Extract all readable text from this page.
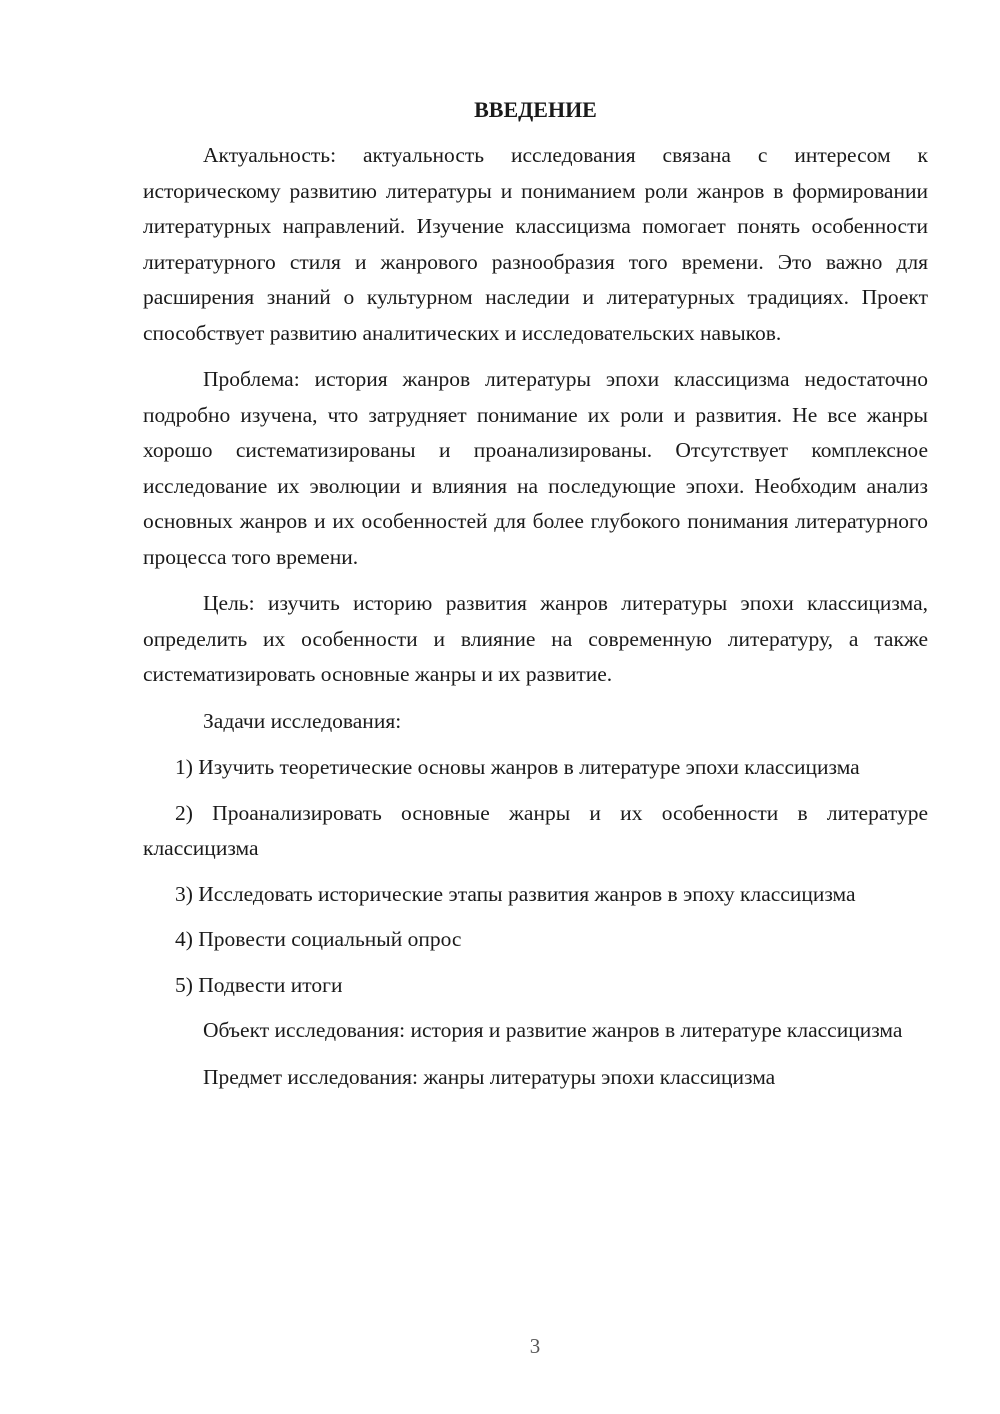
ВВЕДЕНИЕ

Актуальность: актуальность исследования связана с интересом к историческому развитию литературы и пониманием роли жанров в формировании литературных направлений. Изучение классицизма помогает понять особенности литературного стиля и жанрового разнообразия того времени. Это важно для расширения знаний о культурном наследии и литературных традициях. Проект способствует развитию аналитических и исследовательских навыков.

Проблема: история жанров литературы эпохи классицизма недостаточно подробно изучена, что затрудняет понимание их роли и развития. Не все жанры хорошо систематизированы и проанализированы. Отсутствует комплексное исследование их эволюции и влияния на последующие эпохи. Необходим анализ основных жанров и их особенностей для более глубокого понимания литературного процесса того времени.

Цель: изучить историю развития жанров литературы эпохи классицизма, определить их особенности и влияние на современную литературу, а также систематизировать основные жанры и их развитие.

Задачи исследования:

1) Изучить теоретические основы жанров в литературе эпохи классицизма

2) Проанализировать основные жанры и их особенности в литературе классицизма

3) Исследовать исторические этапы развития жанров в эпоху классицизма

4) Провести социальный опрос

5) Подвести итоги

Объект исследования: история и развитие жанров в литературе классицизма

Предмет исследования: жанры литературы эпохи классицизма

3
